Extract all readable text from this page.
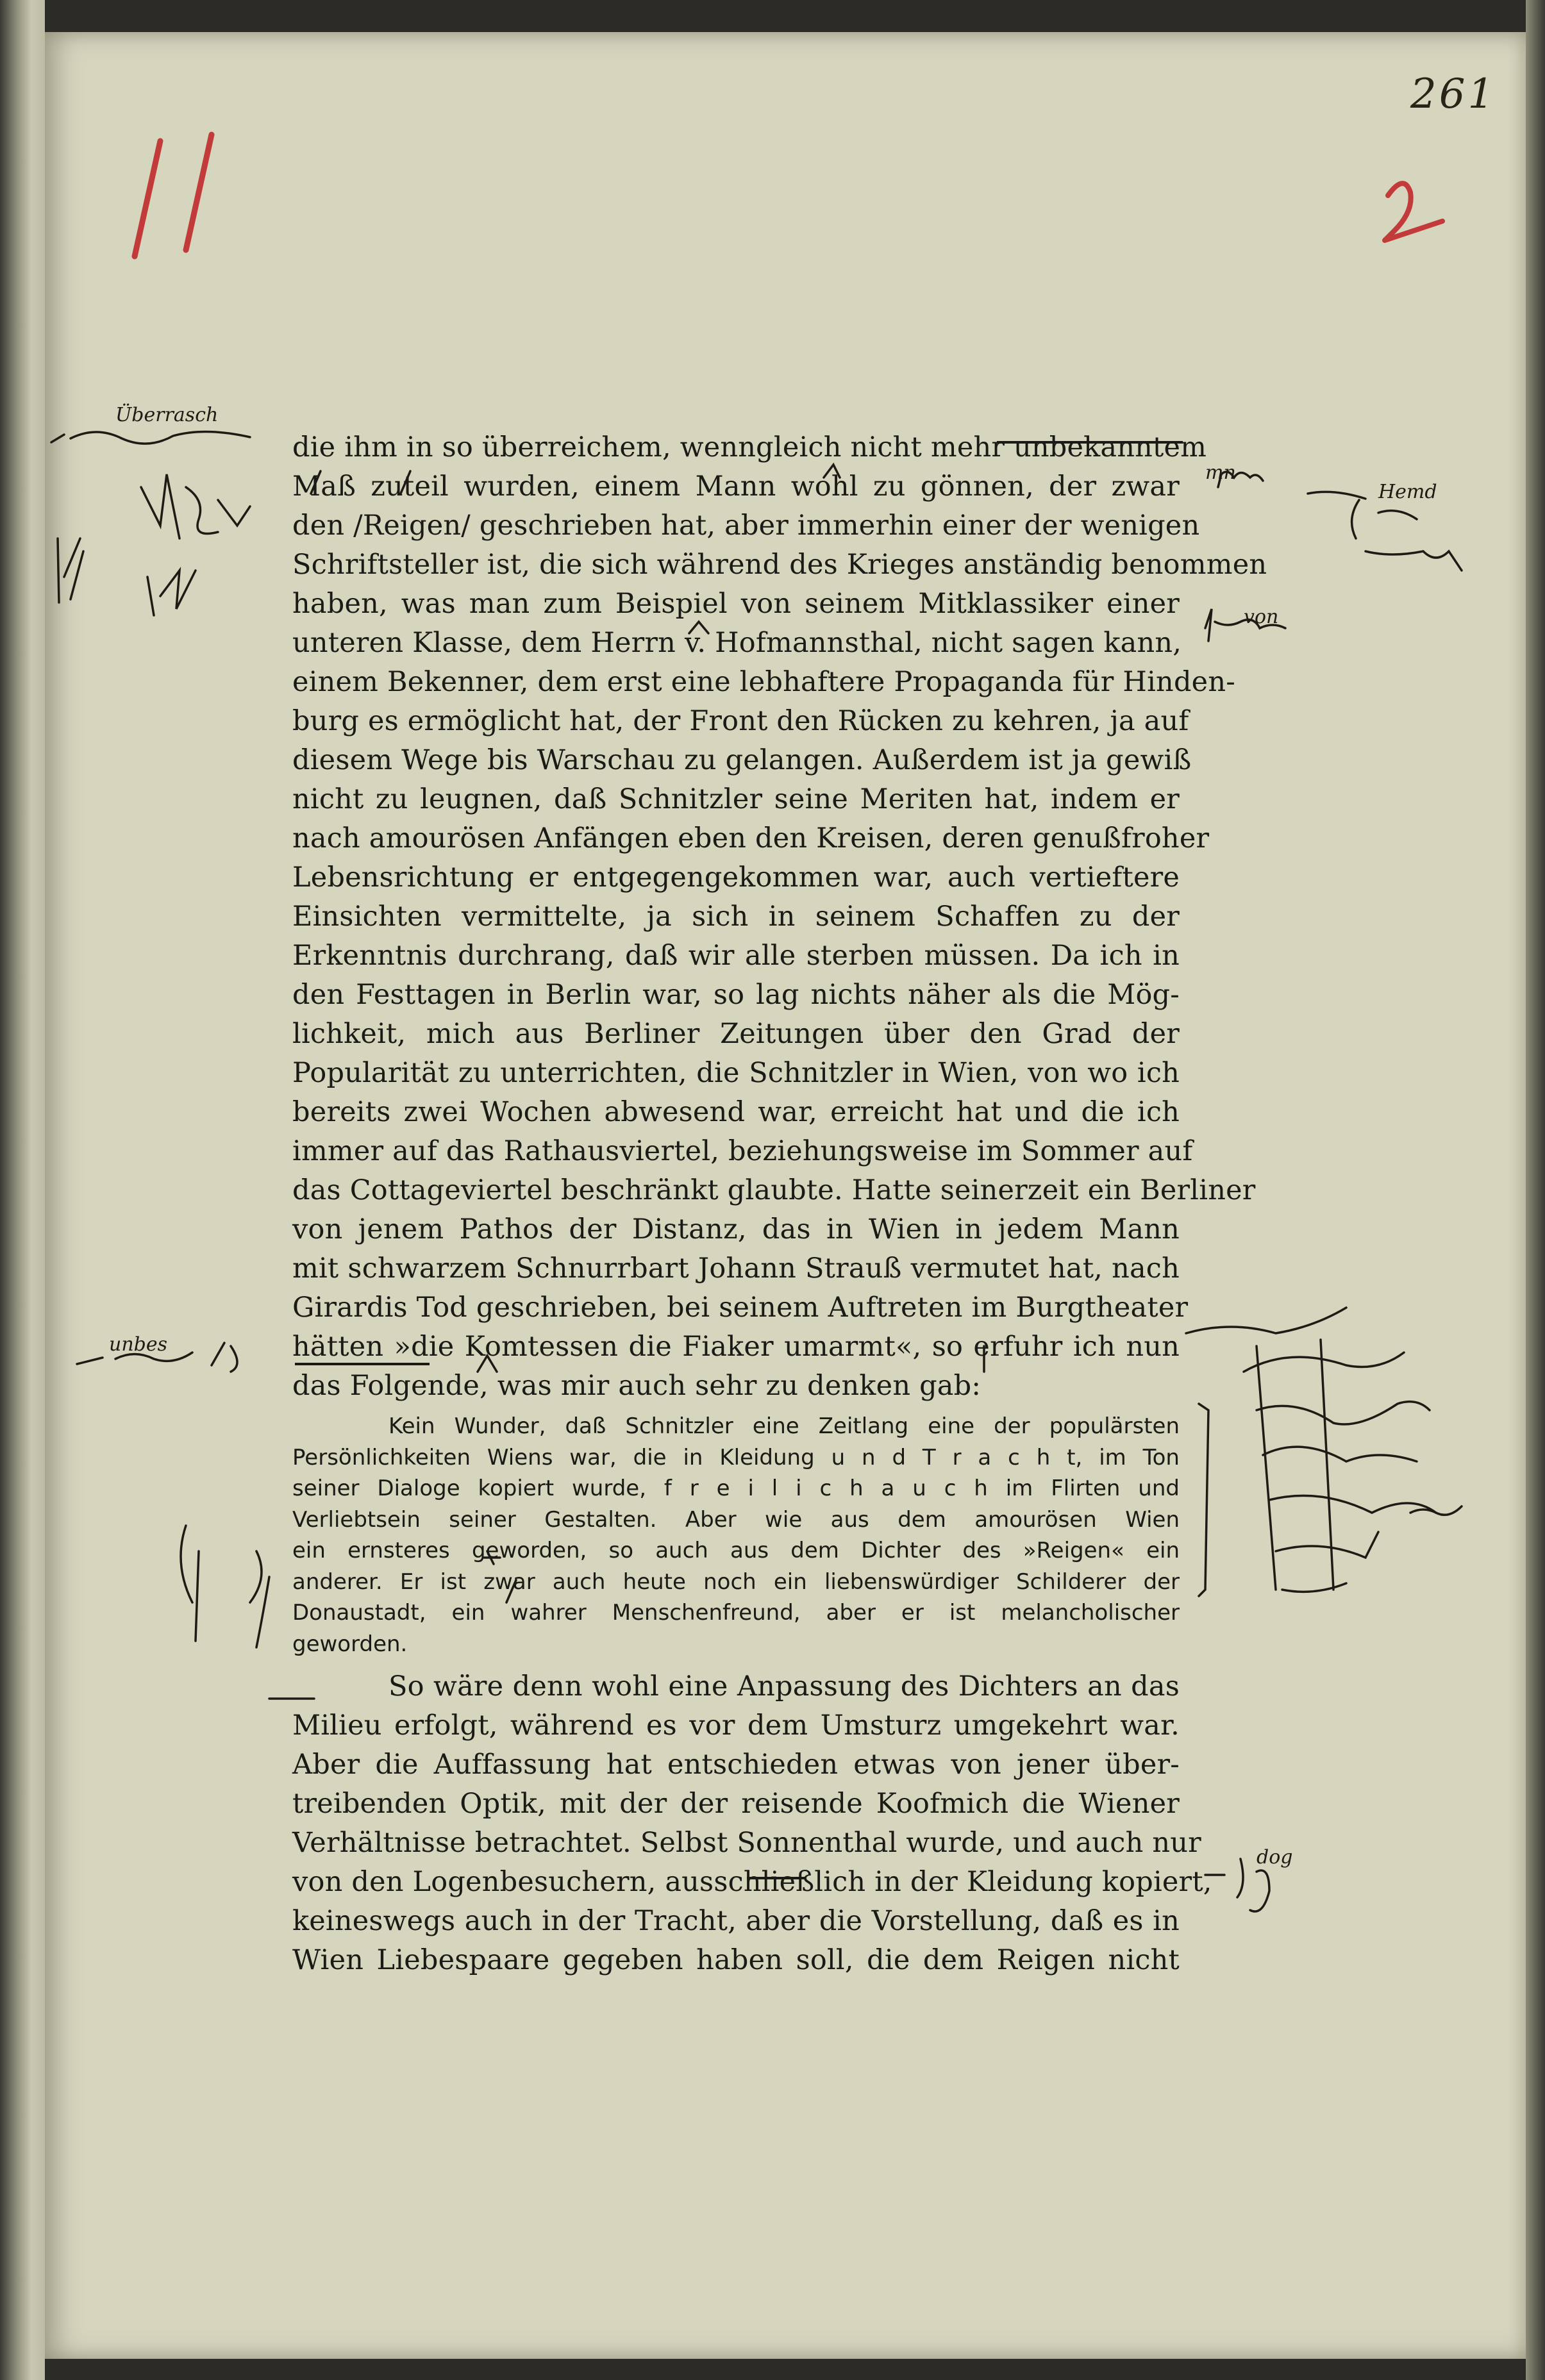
261
Überrasch
mn
Hemd
von
unbes
dog
die ihm in so überreichem, wenngleich nicht mehr unbekanntem
Maß zuteil wurden, einem Mann wohl zu gönnen, der zwar
den /Reigen/ geschrieben hat, aber immerhin einer der wenigen
Schriftsteller ist, die sich während des Krieges anständig benommen
haben, was man zum Beispiel von seinem Mitklassiker einer
unteren Klasse, dem Herrn v. Hofmannsthal, nicht sagen kann,
einem Bekenner, dem erst eine lebhaftere Propaganda für Hinden-
burg es ermöglicht hat, der Front den Rücken zu kehren, ja auf
diesem Wege bis Warschau zu gelangen. Außerdem ist ja gewiß
nicht zu leugnen, daß Schnitzler seine Meriten hat, indem er
nach amourösen Anfängen eben den Kreisen, deren genußfroher
Lebensrichtung er entgegengekommen war, auch vertieftere
Einsichten vermittelte, ja sich in seinem Schaffen zu der
Erkenntnis durchrang, daß wir alle sterben müssen. Da ich in
den Festtagen in Berlin war, so lag nichts näher als die Mög-
lichkeit, mich aus Berliner Zeitungen über den Grad der
Popularität zu unterrichten, die Schnitzler in Wien, von wo ich
bereits zwei Wochen abwesend war, erreicht hat und die ich
immer auf das Rathausviertel, beziehungsweise im Sommer auf
das Cottageviertel beschränkt glaubte. Hatte seinerzeit ein Berliner
von jenem Pathos der Distanz, das in Wien in jedem Mann
mit schwarzem Schnurrbart Johann Strauß vermutet hat, nach
Girardis Tod geschrieben, bei seinem Auftreten im Burgtheater
hätten »die Komtessen die Fiaker umarmt«, so erfuhr ich nun
das Folgende, was mir auch sehr zu denken gab:
Kein Wunder, daß Schnitzler eine Zeitlang eine der populärsten
Persönlichkeiten Wiens war, die in Kleidung u n d T r a c h t, im Ton
seiner Dialoge kopiert wurde, f r e i l i c h a u c h im Flirten und
Verliebtsein seiner Gestalten. Aber wie aus dem amourösen Wien
ein ernsteres geworden, so auch aus dem Dichter des »Reigen« ein
anderer. Er ist zwar auch heute noch ein liebenswürdiger Schilderer der
Donaustadt, ein wahrer Menschenfreund, aber er ist melancholischer
geworden.
So wäre denn wohl eine Anpassung des Dichters an das
Milieu erfolgt, während es vor dem Umsturz umgekehrt war.
Aber die Auffassung hat entschieden etwas von jener über-
treibenden Optik, mit der der reisende Koofmich die Wiener
Verhältnisse betrachtet. Selbst Sonnenthal wurde, und auch nur
von den Logenbesuchern, ausschließlich in der Kleidung kopiert,
keineswegs auch in der Tracht, aber die Vorstellung, daß es in
Wien Liebespaare gegeben haben soll, die dem Reigen nicht
